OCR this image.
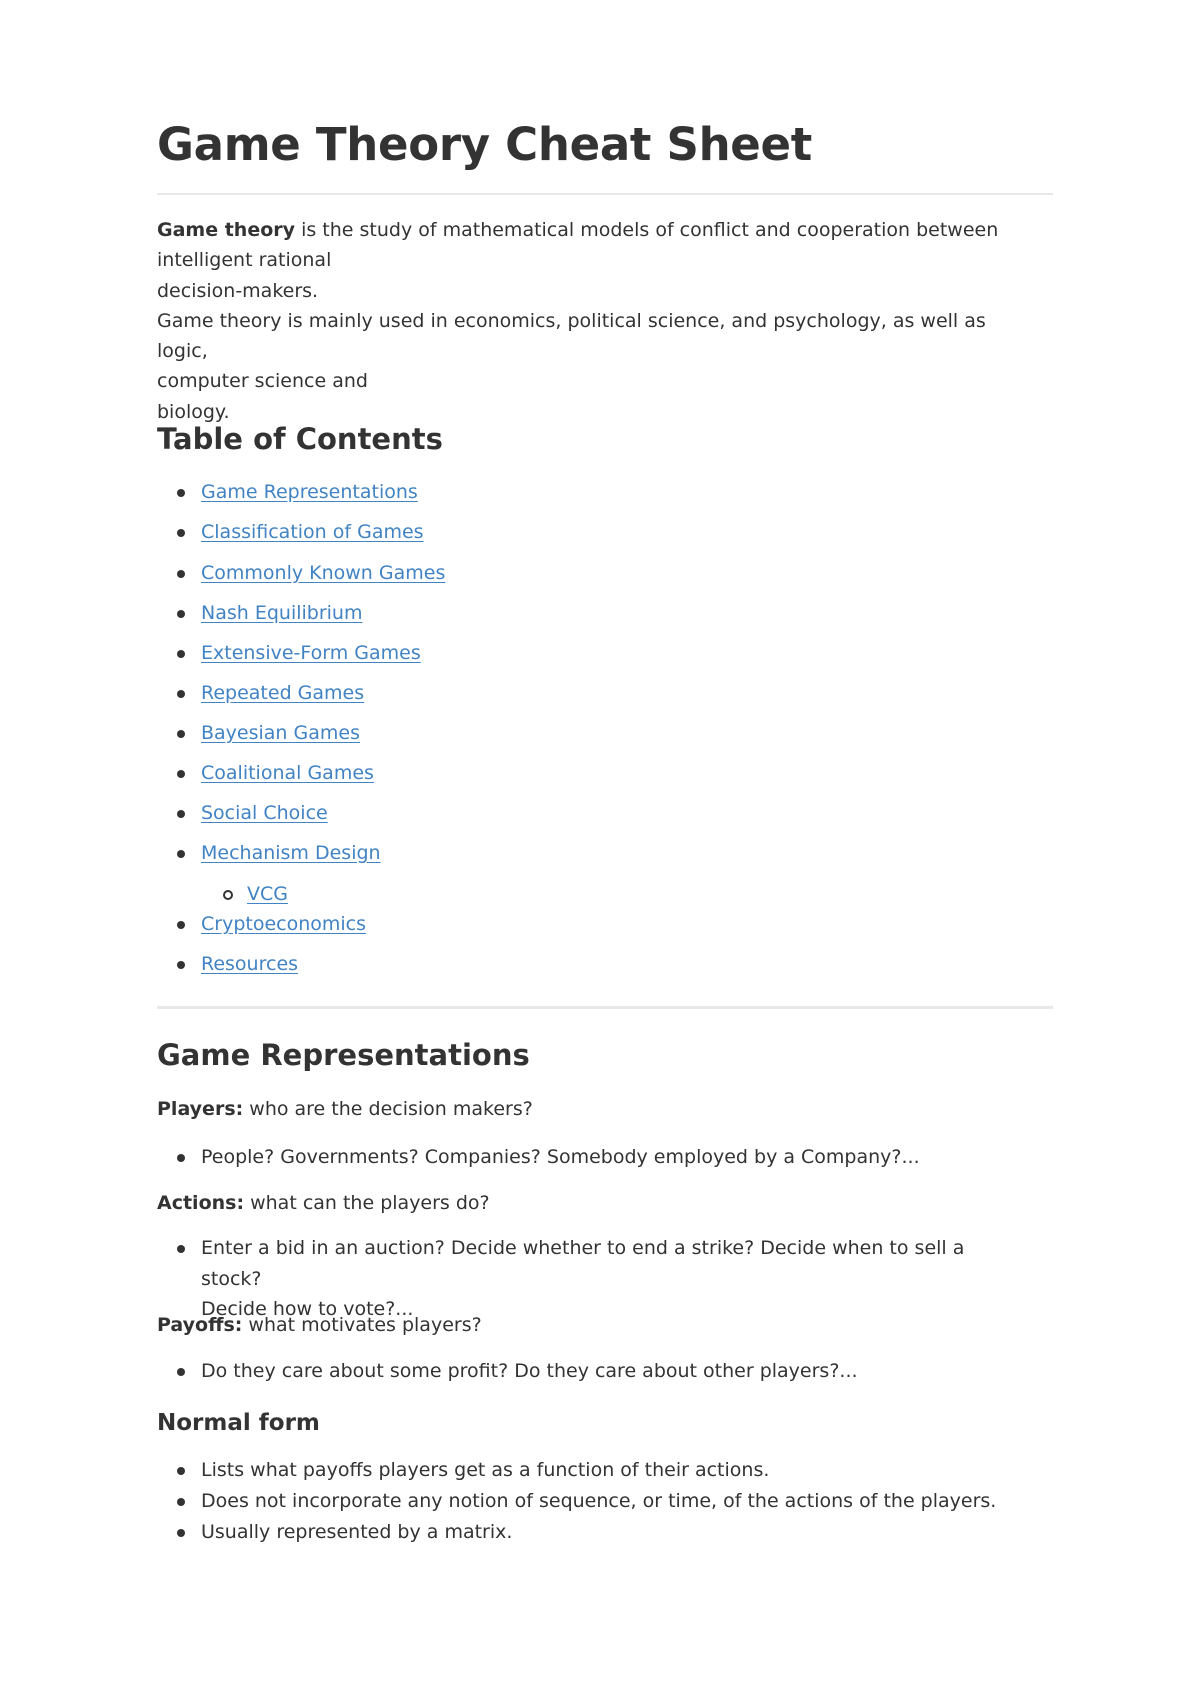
Game Theory Cheat Sheet
Game theory is the study of mathematical models of conflict and cooperation between
intelligent rational
decision-makers.
Game theory is mainly used in economics, political science, and psychology, as well as logic,
computer science and
biology.
Table of Contents
Game Representations
Classification of Games
Commonly Known Games
Nash Equilibrium
Extensive-Form Games
Repeated Games
Bayesian Games
Coalitional Games
Social Choice
Mechanism Design
VCG
Cryptoeconomics
Resources
Game Representations
Players: who are the decision makers?
People? Governments? Companies? Somebody employed by a Company?...
Actions: what can the players do?
Enter a bid in an auction? Decide whether to end a strike? Decide when to sell a stock?
Decide how to vote?...
Payoffs: what motivates players?
Do they care about some profit? Do they care about other players?...
Normal form
Lists what payoffs players get as a function of their actions.
Does not incorporate any notion of sequence, or time, of the actions of the players.
Usually represented by a matrix.
